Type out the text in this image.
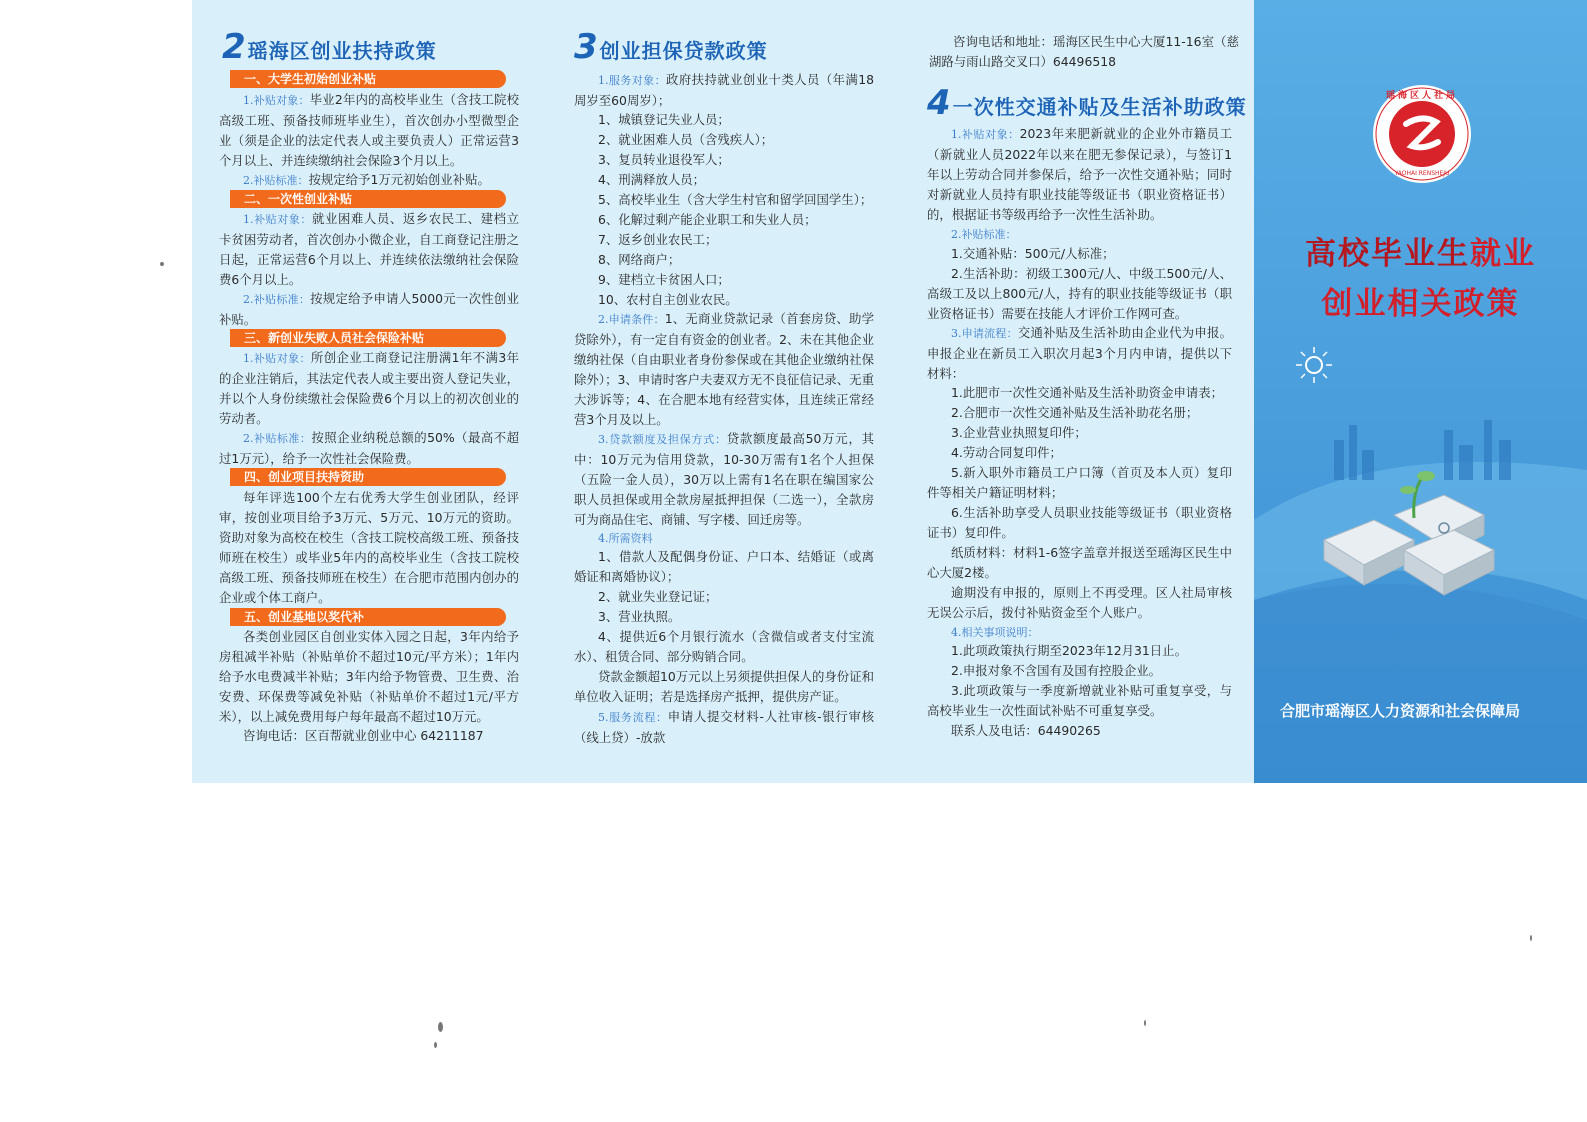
2 瑶海区创业扶持政策
一、大学生初始创业补贴
1.补贴对象：毕业2年内的高校毕业生（含技工院校高级工班、预备技师班毕业生），首次创办小型微型企业（须是企业的法定代表人或主要负责人）正常运营3个月以上、并连续缴纳社会保险3个月以上。
2.补贴标准：按规定给予1万元初始创业补贴。
二、一次性创业补贴
1.补贴对象：就业困难人员、返乡农民工、建档立卡贫困劳动者，首次创办小微企业，自工商登记注册之日起，正常运营6个月以上、并连续依法缴纳社会保险费6个月以上。
2.补贴标准：按规定给予申请人5000元一次性创业补贴。
三、新创业失败人员社会保险补贴
1.补贴对象：所创企业工商登记注册满1年不满3年的企业注销后，其法定代表人或主要出资人登记失业，并以个人身份续缴社会保险费6个月以上的初次创业的劳动者。
2.补贴标准：按照企业纳税总额的50%（最高不超过1万元），给予一次性社会保险费。
四、创业项目扶持资助
每年评选100个左右优秀大学生创业团队，经评审，按创业项目给予3万元、5万元、10万元的资助。资助对象为高校在校生（含技工院校高级工班、预备技师班在校生）或毕业5年内的高校毕业生（含技工院校高级工班、预备技师班在校生）在合肥市范围内创办的企业或个体工商户。
五、创业基地以奖代补
各类创业园区自创业实体入园之日起，3年内给予房租减半补贴（补贴单价不超过10元/平方米）；1年内给予水电费减半补贴；3年内给予物管费、卫生费、治安费、环保费等减免补贴（补贴单价不超过1元/平方米），以上减免费用每户每年最高不超过10万元。
咨询电话：区百帮就业创业中心 64211187
3 创业担保贷款政策
1.服务对象：政府扶持就业创业十类人员（年满18周岁至60周岁）；
1、城镇登记失业人员；
2、就业困难人员（含残疾人）；
3、复员转业退役军人；
4、刑满释放人员；
5、高校毕业生（含大学生村官和留学回国学生）；
6、化解过剩产能企业职工和失业人员；
7、返乡创业农民工；
8、网络商户；
9、建档立卡贫困人口；
10、农村自主创业农民。
2.申请条件：1、无商业贷款记录（首套房贷、助学贷除外），有一定自有资金的创业者。2、未在其他企业缴纳社保（自由职业者身份参保或在其他企业缴纳社保除外）；3、申请时客户夫妻双方无不良征信记录、无重大涉诉等；4、在合肥本地有经营实体，且连续正常经营3个月及以上。
3.贷款额度及担保方式：贷款额度最高50万元，其中：10万元为信用贷款，10-30万需有1名个人担保（五险一金人员），30万以上需有1名在职在编国家公职人员担保或用全款房屋抵押担保（二选一），全款房可为商品住宅、商铺、写字楼、回迁房等。
4.所需资料
1、借款人及配偶身份证、户口本、结婚证（或离婚证和离婚协议）；
2、就业失业登记证；
3、营业执照。
4、提供近6个月银行流水（含微信或者支付宝流水）、租赁合同、部分购销合同。
贷款金额超10万元以上另须提供担保人的身份证和单位收入证明；若是选择房产抵押，提供房产证。
5.服务流程：申请人提交材料-人社审核-银行审核（线上贷）-放款
咨询电话和地址：瑶海区民生中心大厦11-16室（慈湖路与雨山路交叉口）64496518
4 一次性交通补贴及生活补助政策
1.补贴对象：2023年来肥新就业的企业外市籍员工（新就业人员2022年以来在肥无参保记录），与签订1年以上劳动合同并参保后，给予一次性交通补贴；同时对新就业人员持有职业技能等级证书（职业资格证书）的，根据证书等级再给予一次性生活补助。
2.补贴标准：
1.交通补贴：500元/人标准；
2.生活补助：初级工300元/人、中级工500元/人、高级工及以上800元/人，持有的职业技能等级证书（职业资格证书）需要在技能人才评价工作网可查。
3.申请流程：交通补贴及生活补助由企业代为申报。申报企业在新员工入职次月起3个月内申请，提供以下材料：
1.此肥市一次性交通补贴及生活补助资金申请表；
2.合肥市一次性交通补贴及生活补助花名册；
3.企业营业执照复印件；
4.劳动合同复印件；
5.新入职外市籍员工户口簿（首页及本人页）复印件等相关户籍证明材料；
6.生活补助享受人员职业技能等级证书（职业资格证书）复印件。
纸质材料：材料1-6签字盖章并报送至瑶海区民生中心大厦2楼。
逾期没有申报的，原则上不再受理。区人社局审核无误公示后，拨付补贴资金至个人账户。
4.相关事项说明：
1.此项政策执行期至2023年12月31日止。
2.申报对象不含国有及国有控股企业。
3.此项政策与一季度新增就业补贴可重复享受，与高校毕业生一次性面试补贴不可重复享受。
联系人及电话：64490265
瑶海区人社局
YAOHAI RENSHEJU
高校毕业生就业
创业相关政策
合肥市瑶海区人力资源和社会保障局
